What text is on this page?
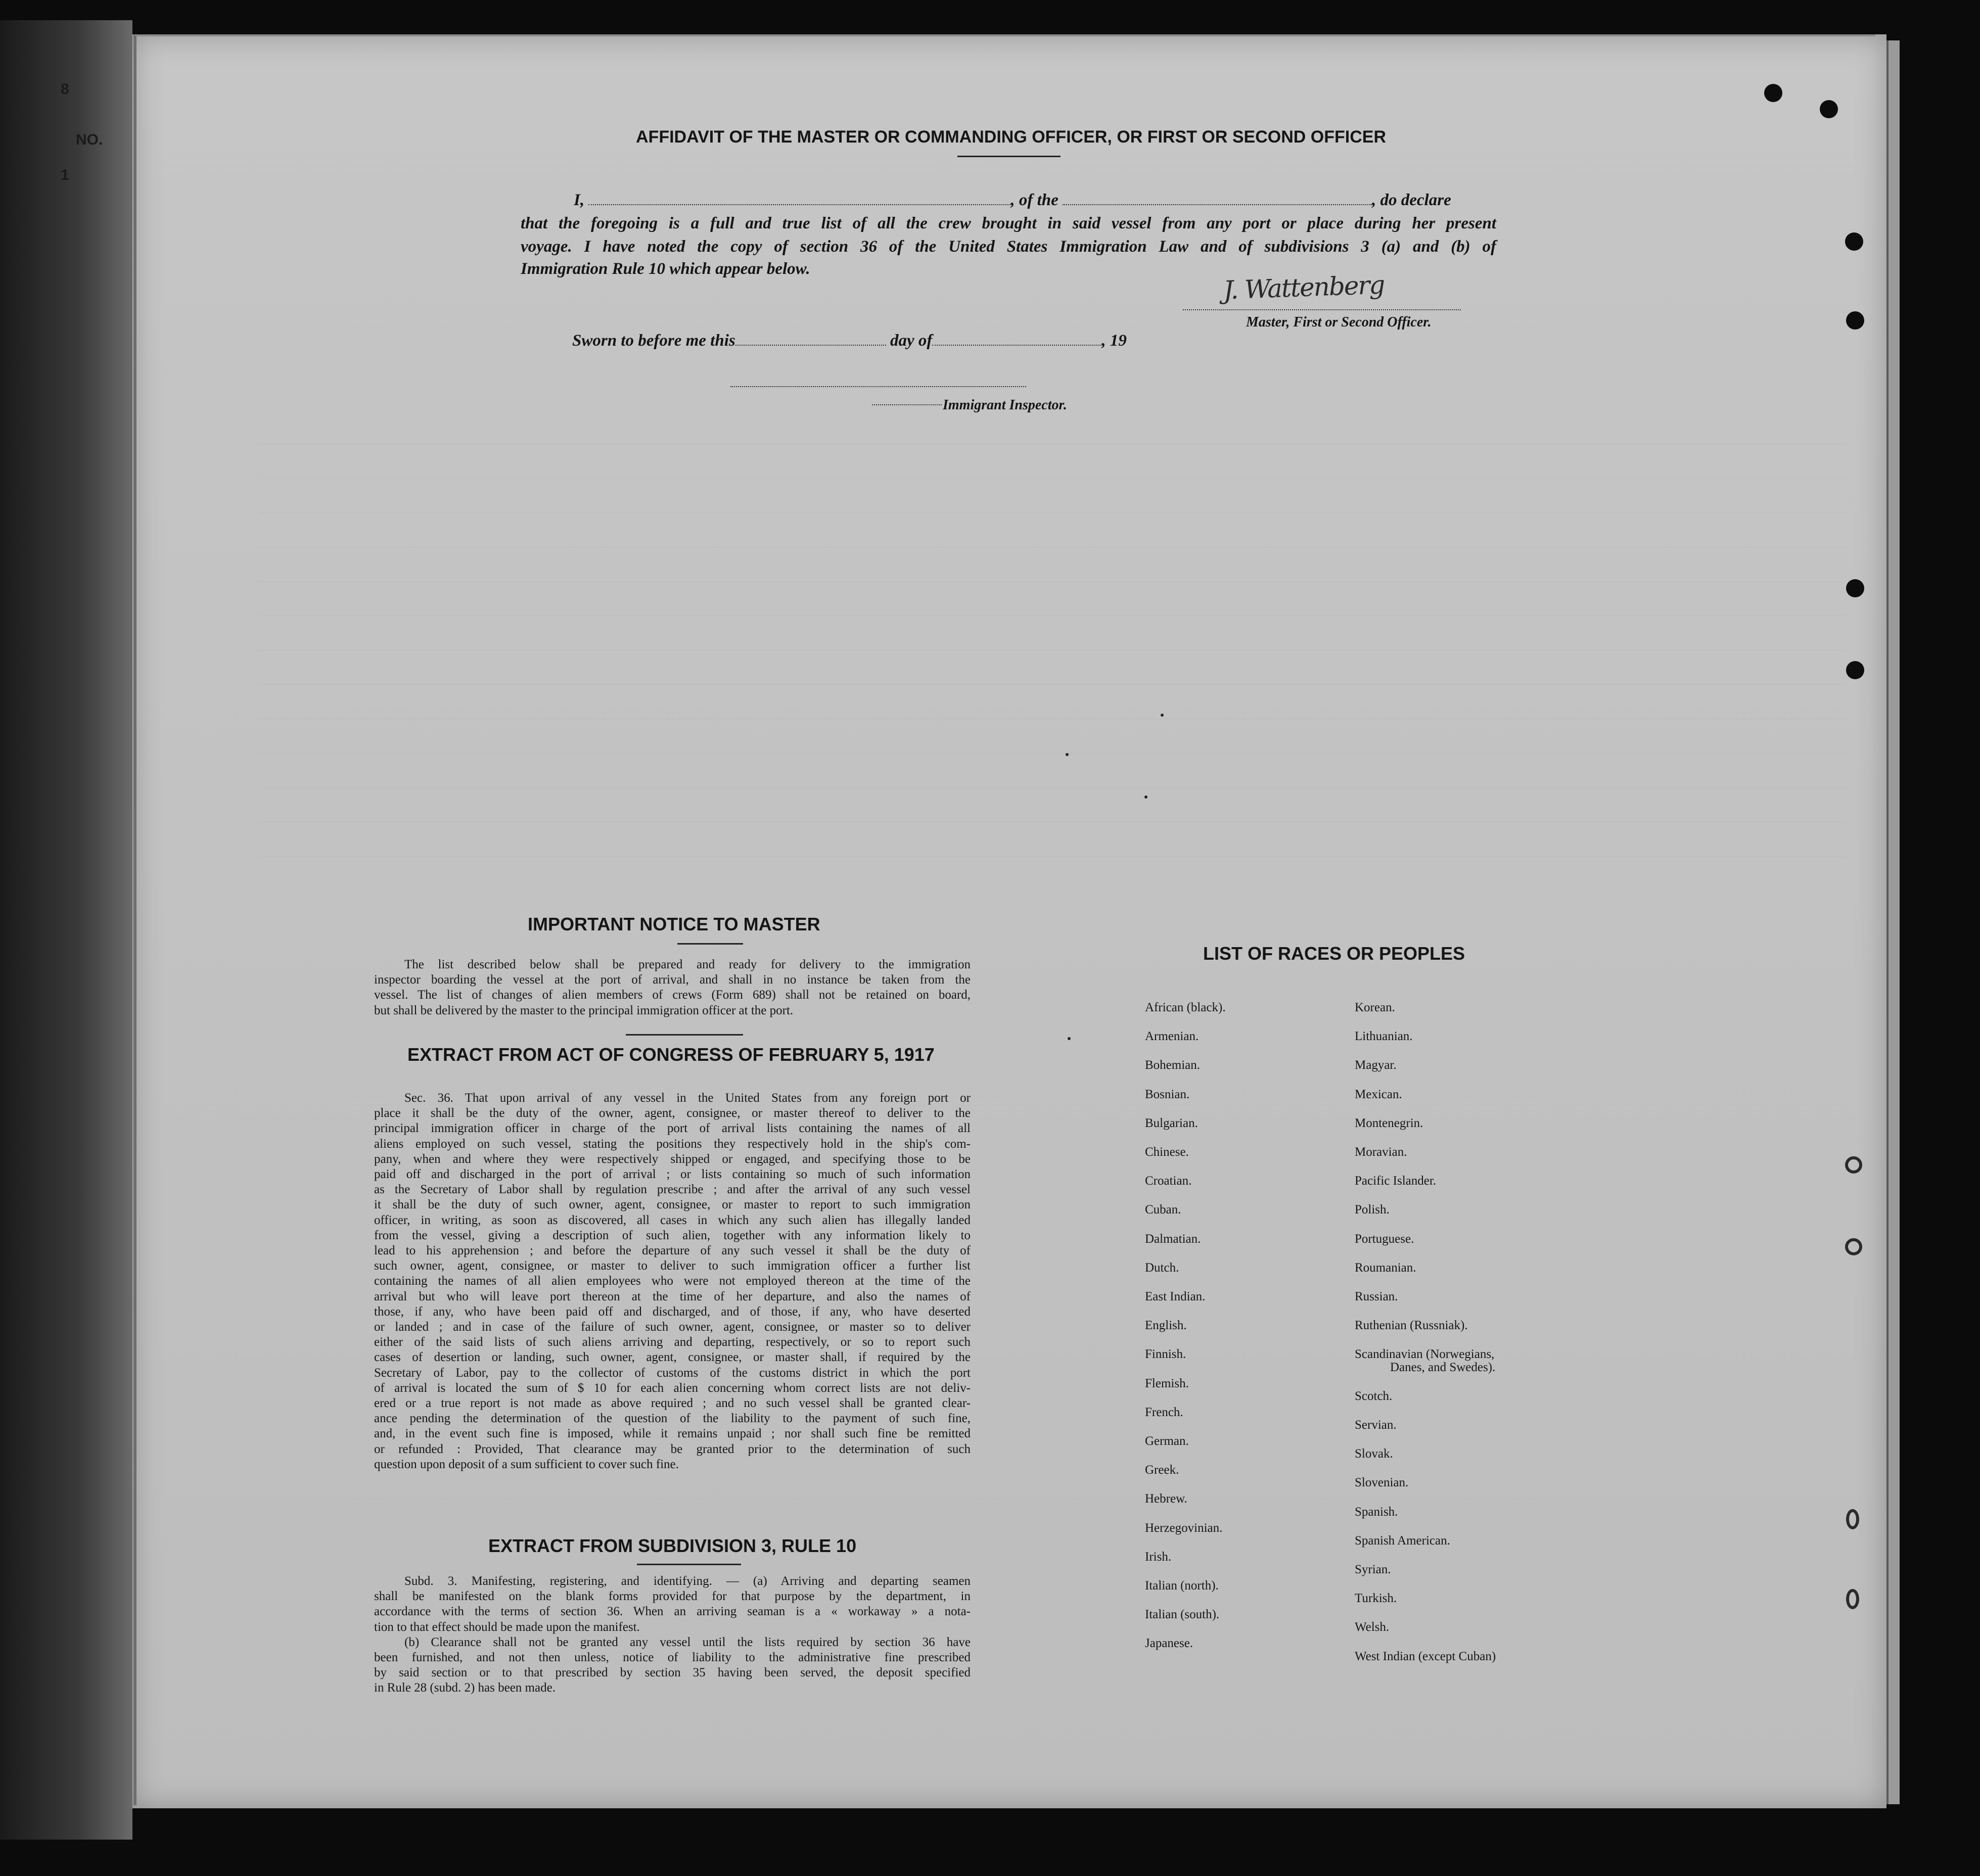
8
NO.
1
AFFIDAVIT OF THE MASTER OR COMMANDING OFFICER, OR FIRST OR SECOND OFFICER
I,	, of the	, do declare
that the foregoing is a full and true list of all the crew brought in said vessel from any port or place during her present
voyage. I have noted the copy of section 36 of the United States Immigration Law and of subdivisions 3 (a) and (b) of
Immigration Rule 10 which appear below.
J. Wattenberg
Master, First or Second Officer.
Sworn to before me this	day of	, 19
Immigrant Inspector.
IMPORTANT NOTICE TO MASTER
The list described below shall be prepared and ready for delivery to the immigration
inspector boarding the vessel at the port of arrival, and shall in no instance be taken from the
vessel. The list of changes of alien members of crews (Form 689) shall not be retained on board,
but shall be delivered by the master to the principal immigration officer at the port.
EXTRACT FROM ACT OF CONGRESS OF FEBRUARY 5, 1917
Sec. 36. That upon arrival of any vessel in the United States from any foreign port or
place it shall be the duty of the owner, agent, consignee, or master thereof to deliver to the
principal immigration officer in charge of the port of arrival lists containing the names of all
aliens employed on such vessel, stating the positions they respectively hold in the ship's com-
pany, when and where they were respectively shipped or engaged, and specifying those to be
paid off and discharged in the port of arrival ; or lists containing so much of such information
as the Secretary of Labor shall by regulation prescribe ; and after the arrival of any such vessel
it shall be the duty of such owner, agent, consignee, or master to report to such immigration
officer, in writing, as soon as discovered, all cases in which any such alien has illegally landed
from the vessel, giving a description of such alien, together with any information likely to
lead to his apprehension ; and before the departure of any such vessel it shall be the duty of
such owner, agent, consignee, or master to deliver to such immigration officer a further list
containing the names of all alien employees who were not employed thereon at the time of the
arrival but who will leave port thereon at the time of her departure, and also the names of
those, if any, who have been paid off and discharged, and of those, if any, who have deserted
or landed ; and in case of the failure of such owner, agent, consignee, or master so to deliver
either of the said lists of such aliens arriving and departing, respectively, or so to report such
cases of desertion or landing, such owner, agent, consignee, or master shall, if required by the
Secretary of Labor, pay to the collector of customs of the customs district in which the port
of arrival is located the sum of $ 10 for each alien concerning whom correct lists are not deliv-
ered or a true report is not made as above required ; and no such vessel shall be granted clear-
ance pending the determination of the question of the liability to the payment of such fine,
and, in the event such fine is imposed, while it remains unpaid ; nor shall such fine be remitted
or refunded : Provided, That clearance may be granted prior to the determination of such
question upon deposit of a sum sufficient to cover such fine.
EXTRACT FROM SUBDIVISION 3, RULE 10
Subd. 3. Manifesting, registering, and identifying. — (a) Arriving and departing seamen
shall be manifested on the blank forms provided for that purpose by the department, in
accordance with the terms of section 36. When an arriving seaman is a « workaway » a nota-
tion to that effect should be made upon the manifest.
(b) Clearance shall not be granted any vessel until the lists required by section 36 have
been furnished, and not then unless, notice of liability to the administrative fine prescribed
by said section or to that prescribed by section 35 having been served, the deposit specified
in Rule 28 (subd. 2) has been made.
LIST OF RACES OR PEOPLES
African (black).
Armenian.
Bohemian.
Bosnian.
Bulgarian.
Chinese.
Croatian.
Cuban.
Dalmatian.
Dutch.
East Indian.
English.
Finnish.
Flemish.
French.
German.
Greek.
Hebrew.
Herzegovinian.
Irish.
Italian (north).
Italian (south).
Japanese.
Korean.
Lithuanian.
Magyar.
Mexican.
Montenegrin.
Moravian.
Pacific Islander.
Polish.
Portuguese.
Roumanian.
Russian.
Ruthenian (Russniak).
Scandinavian (Norwegians,
Danes, and Swedes).
Scotch.
Servian.
Slovak.
Slovenian.
Spanish.
Spanish American.
Syrian.
Turkish.
Welsh.
West Indian (except Cuban)
